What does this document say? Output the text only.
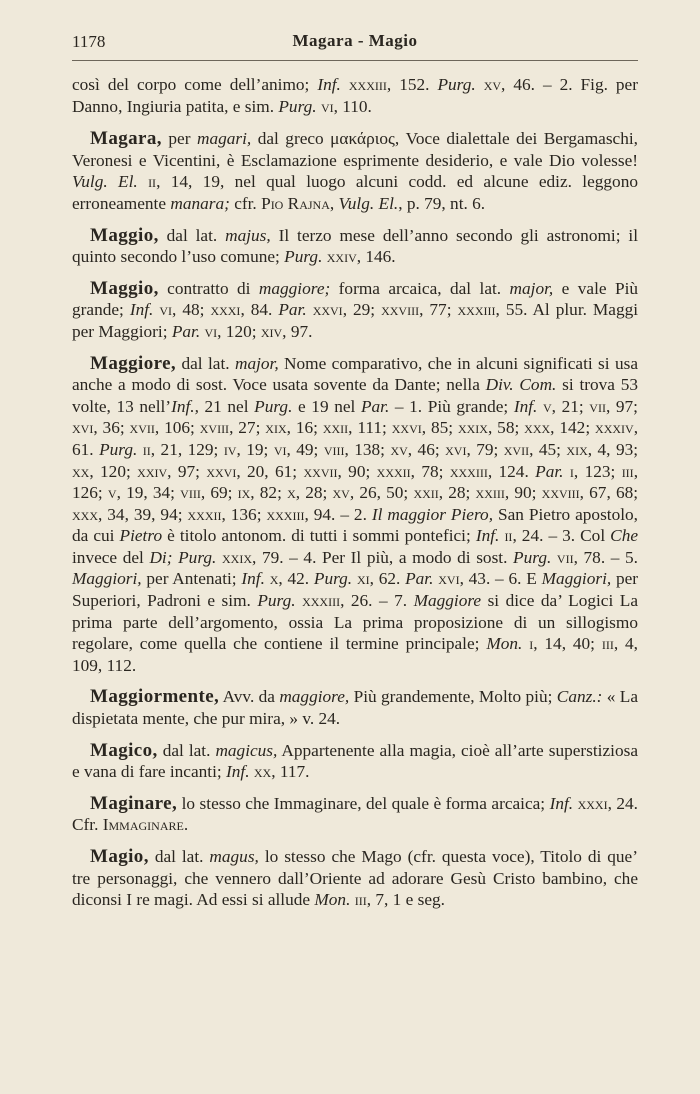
1178	Magara - Magio

così del corpo come dell’animo; Inf. xxxiii, 152. Purg. xv, 46. – 2. Fig. per Danno, Ingiuria patita, e sim. Purg. vi, 110.

Magara, per magari, dal greco μακάριος, Voce dialettale dei Bergamaschi, Veronesi e Vicentini, è Esclamazione esprimente desiderio, e vale Dio volesse! Vulg. El. ii, 14, 19, nel qual luogo alcuni codd. ed alcune ediz. leggono erroneamente manara; cfr. Pio Rajna, Vulg. El., p. 79, nt. 6.

Maggio, dal lat. majus, Il terzo mese dell’anno secondo gli astronomi; il quinto secondo l’uso comune; Purg. xxiv, 146.

Maggio, contratto di maggiore; forma arcaica, dal lat. major, e vale Più grande; Inf. vi, 48; xxxi, 84. Par. xxvi, 29; xxviii, 77; xxxiii, 55. Al plur. Maggi per Maggiori; Par. vi, 120; xiv, 97.

Maggiore, dal lat. major, Nome comparativo, che in alcuni significati si usa anche a modo di sost. Voce usata sovente da Dante; nella Div. Com. si trova 53 volte, 13 nell’Inf., 21 nel Purg. e 19 nel Par. – 1. Più grande; Inf. v, 21; vii, 97; xvi, 36; xvii, 106; xviii, 27; xix, 16; xxii, 111; xxvi, 85; xxix, 58; xxx, 142; xxxiv, 61. Purg. ii, 21, 129; iv, 19; vi, 49; viii, 138; xv, 46; xvi, 79; xvii, 45; xix, 4, 93; xx, 120; xxiv, 97; xxvi, 20, 61; xxvii, 90; xxxii, 78; xxxiii, 124. Par. i, 123; iii, 126; v, 19, 34; viii, 69; ix, 82; x, 28; xv, 26, 50; xxii, 28; xxiii, 90; xxviii, 67, 68; xxx, 34, 39, 94; xxxii, 136; xxxiii, 94. – 2. Il maggior Piero, San Pietro apostolo, da cui Pietro è titolo antonom. di tutti i sommi pontefici; Inf. ii, 24. – 3. Col Che invece del Di; Purg. xxix, 79. – 4. Per Il più, a modo di sost. Purg. vii, 78. – 5. Maggiori, per Antenati; Inf. x, 42. Purg. xi, 62. Par. xvi, 43. – 6. E Maggiori, per Superiori, Padroni e sim. Purg. xxxiii, 26. – 7. Maggiore si dice da’ Logici La prima parte dell’argomento, ossia La prima proposizione di un sillogismo regolare, come quella che contiene il termine principale; Mon. i, 14, 40; iii, 4, 109, 112.

Maggiormente, Avv. da maggiore, Più grandemente, Molto più; Canz.: « La dispietata mente, che pur mira, » v. 24.

Magico, dal lat. magicus, Appartenente alla magia, cioè all’arte superstiziosa e vana di fare incanti; Inf. xx, 117.

Maginare, lo stesso che Immaginare, del quale è forma arcaica; Inf. xxxi, 24. Cfr. Immaginare.

Magio, dal lat. magus, lo stesso che Mago (cfr. questa voce), Titolo di que’ tre personaggi, che vennero dall’Oriente ad adorare Gesù Cristo bambino, che diconsi I re magi. Ad essi si allude Mon. iii, 7, 1 e seg.
